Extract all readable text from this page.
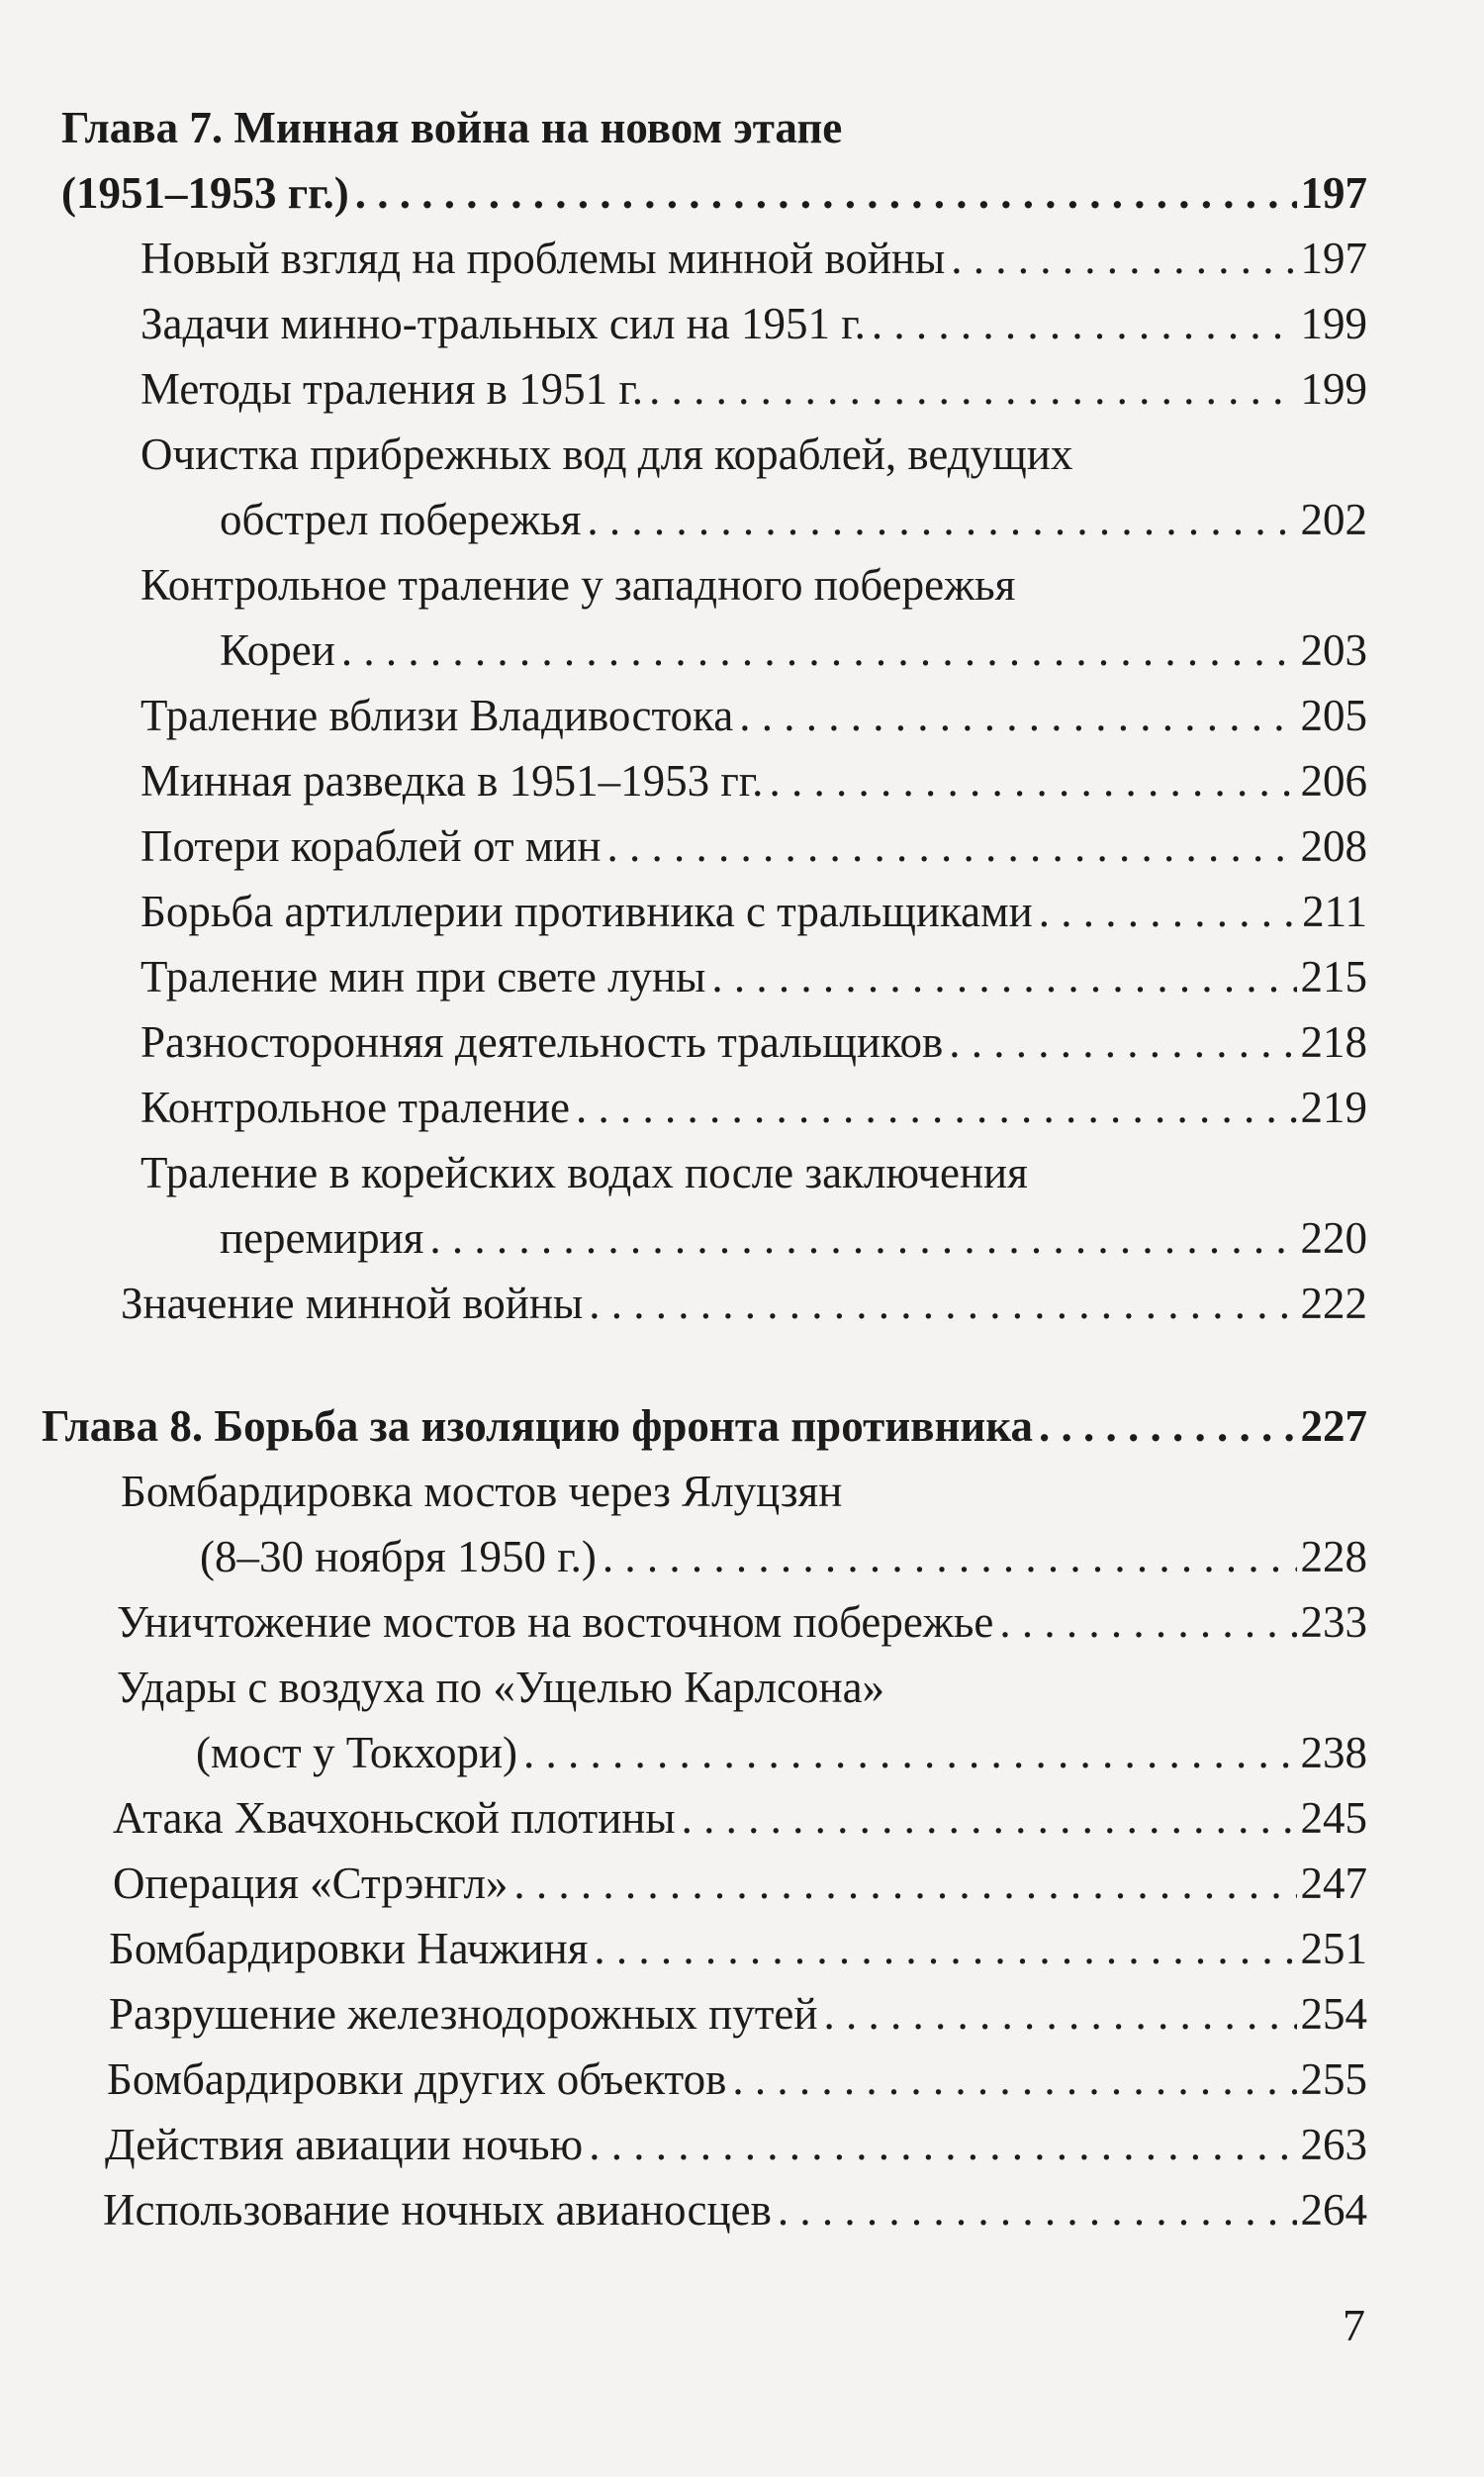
Глава 7. Минная война на новом этапе
(1951–1953 гг.) . . .	197
Новый взгляд на проблемы минной войны . . .	197
Задачи минно-тральных сил на 1951 г. . . .	199
Методы траления в 1951 г. . . .	199
Очистка прибрежных вод для кораблей, ведущих
обстрел побережья . . .	202
Контрольное траление у западного побережья
Кореи . . .	203
Траление вблизи Владивостока . . .	205
Минная разведка в 1951–1953 гг. . . .	206
Потери кораблей от мин . . .	208
Борьба артиллерии противника с тральщиками . . .	211
Траление мин при свете луны . . .	215
Разносторонняя деятельность тральщиков . . .	218
Контрольное траление . . .	219
Траление в корейских водах после заключения
перемирия . . .	220
Значение минной войны . . .	222
Глава 8. Борьба за изоляцию фронта противника . . .	227
Бомбардировка мостов через Ялуцзян
(8–30 ноября 1950 г.) . . .	228
Уничтожение мостов на восточном побережье . . .	233
Удары с воздуха по «Ущелью Карлсона»
(мост у Токхори) . . .	238
Атака Хвачхоньской плотины . . .	245
Операция «Стрэнгл» . . .	247
Бомбардировки Начжиня . . .	251
Разрушение железнодорожных путей . . .	254
Бомбардировки других объектов . . .	255
Действия авиации ночью . . .	263
Использование ночных авианосцев . . .	264
7
